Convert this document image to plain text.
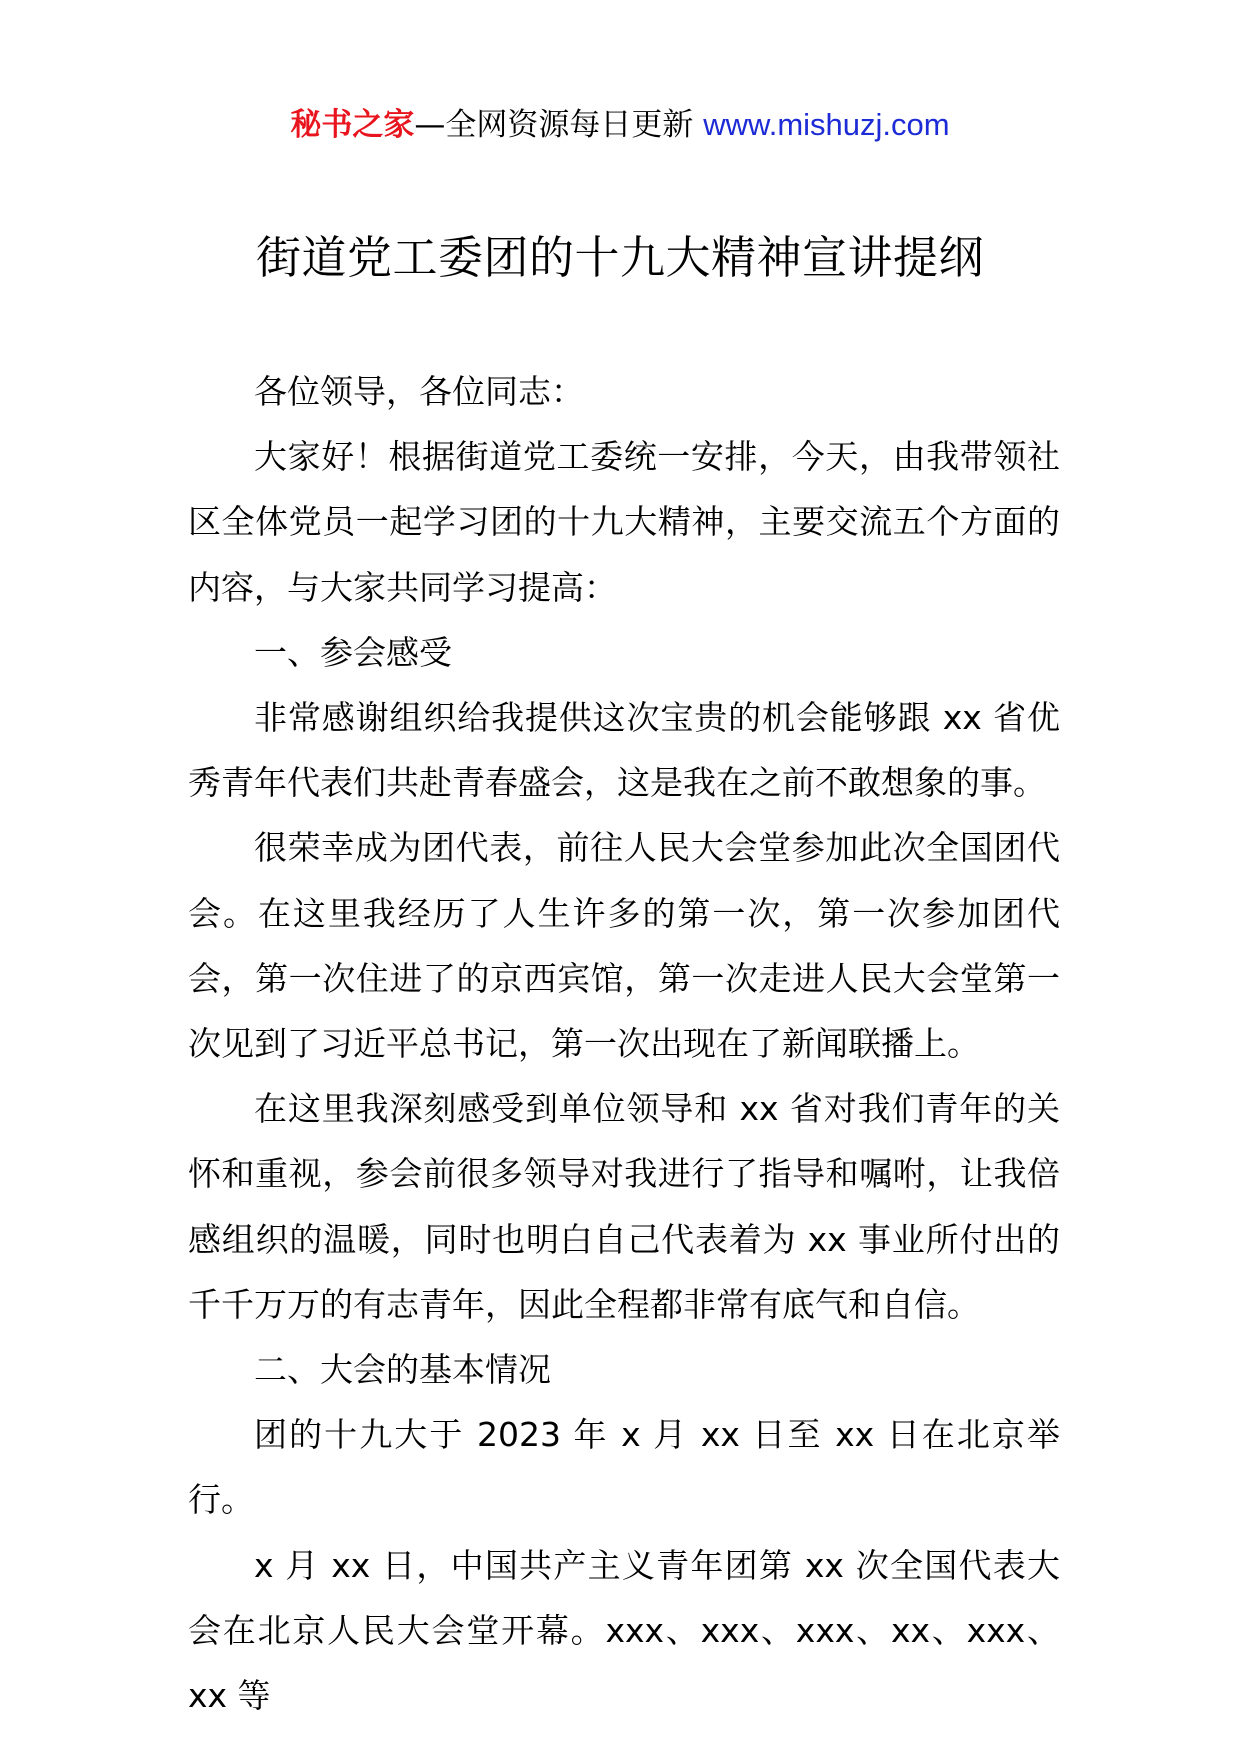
秘书之家—全网资源每日更新 www.mishuzj.com
街道党工委团的十九大精神宣讲提纲

各位领导，各位同志：

大家好！根据街道党工委统一安排，今天，由我带领社区全体党员一起学习团的十九大精神，主要交流五个方面的内容，与大家共同学习提高：

一、参会感受

非常感谢组织给我提供这次宝贵的机会能够跟 xx 省优秀青年代表们共赴青春盛会，这是我在之前不敢想象的事。

很荣幸成为团代表，前往人民大会堂参加此次全国团代会。在这里我经历了人生许多的第一次，第一次参加团代会，第一次住进了的京西宾馆，第一次走进人民大会堂第一次见到了习近平总书记，第一次出现在了新闻联播上。

在这里我深刻感受到单位领导和 xx 省对我们青年的关怀和重视，参会前很多领导对我进行了指导和嘱咐，让我倍感组织的温暖，同时也明白自己代表着为 xx 事业所付出的千千万万的有志青年，因此全程都非常有底气和自信。

二、大会的基本情况

团的十九大于 2023 年 x 月 xx 日至 xx 日在北京举行。

x 月 xx 日，中国共产主义青年团第 xx 次全国代表大会在北京人民大会堂开幕。xxx、xxx、xxx、xx、xxx、xx 等
